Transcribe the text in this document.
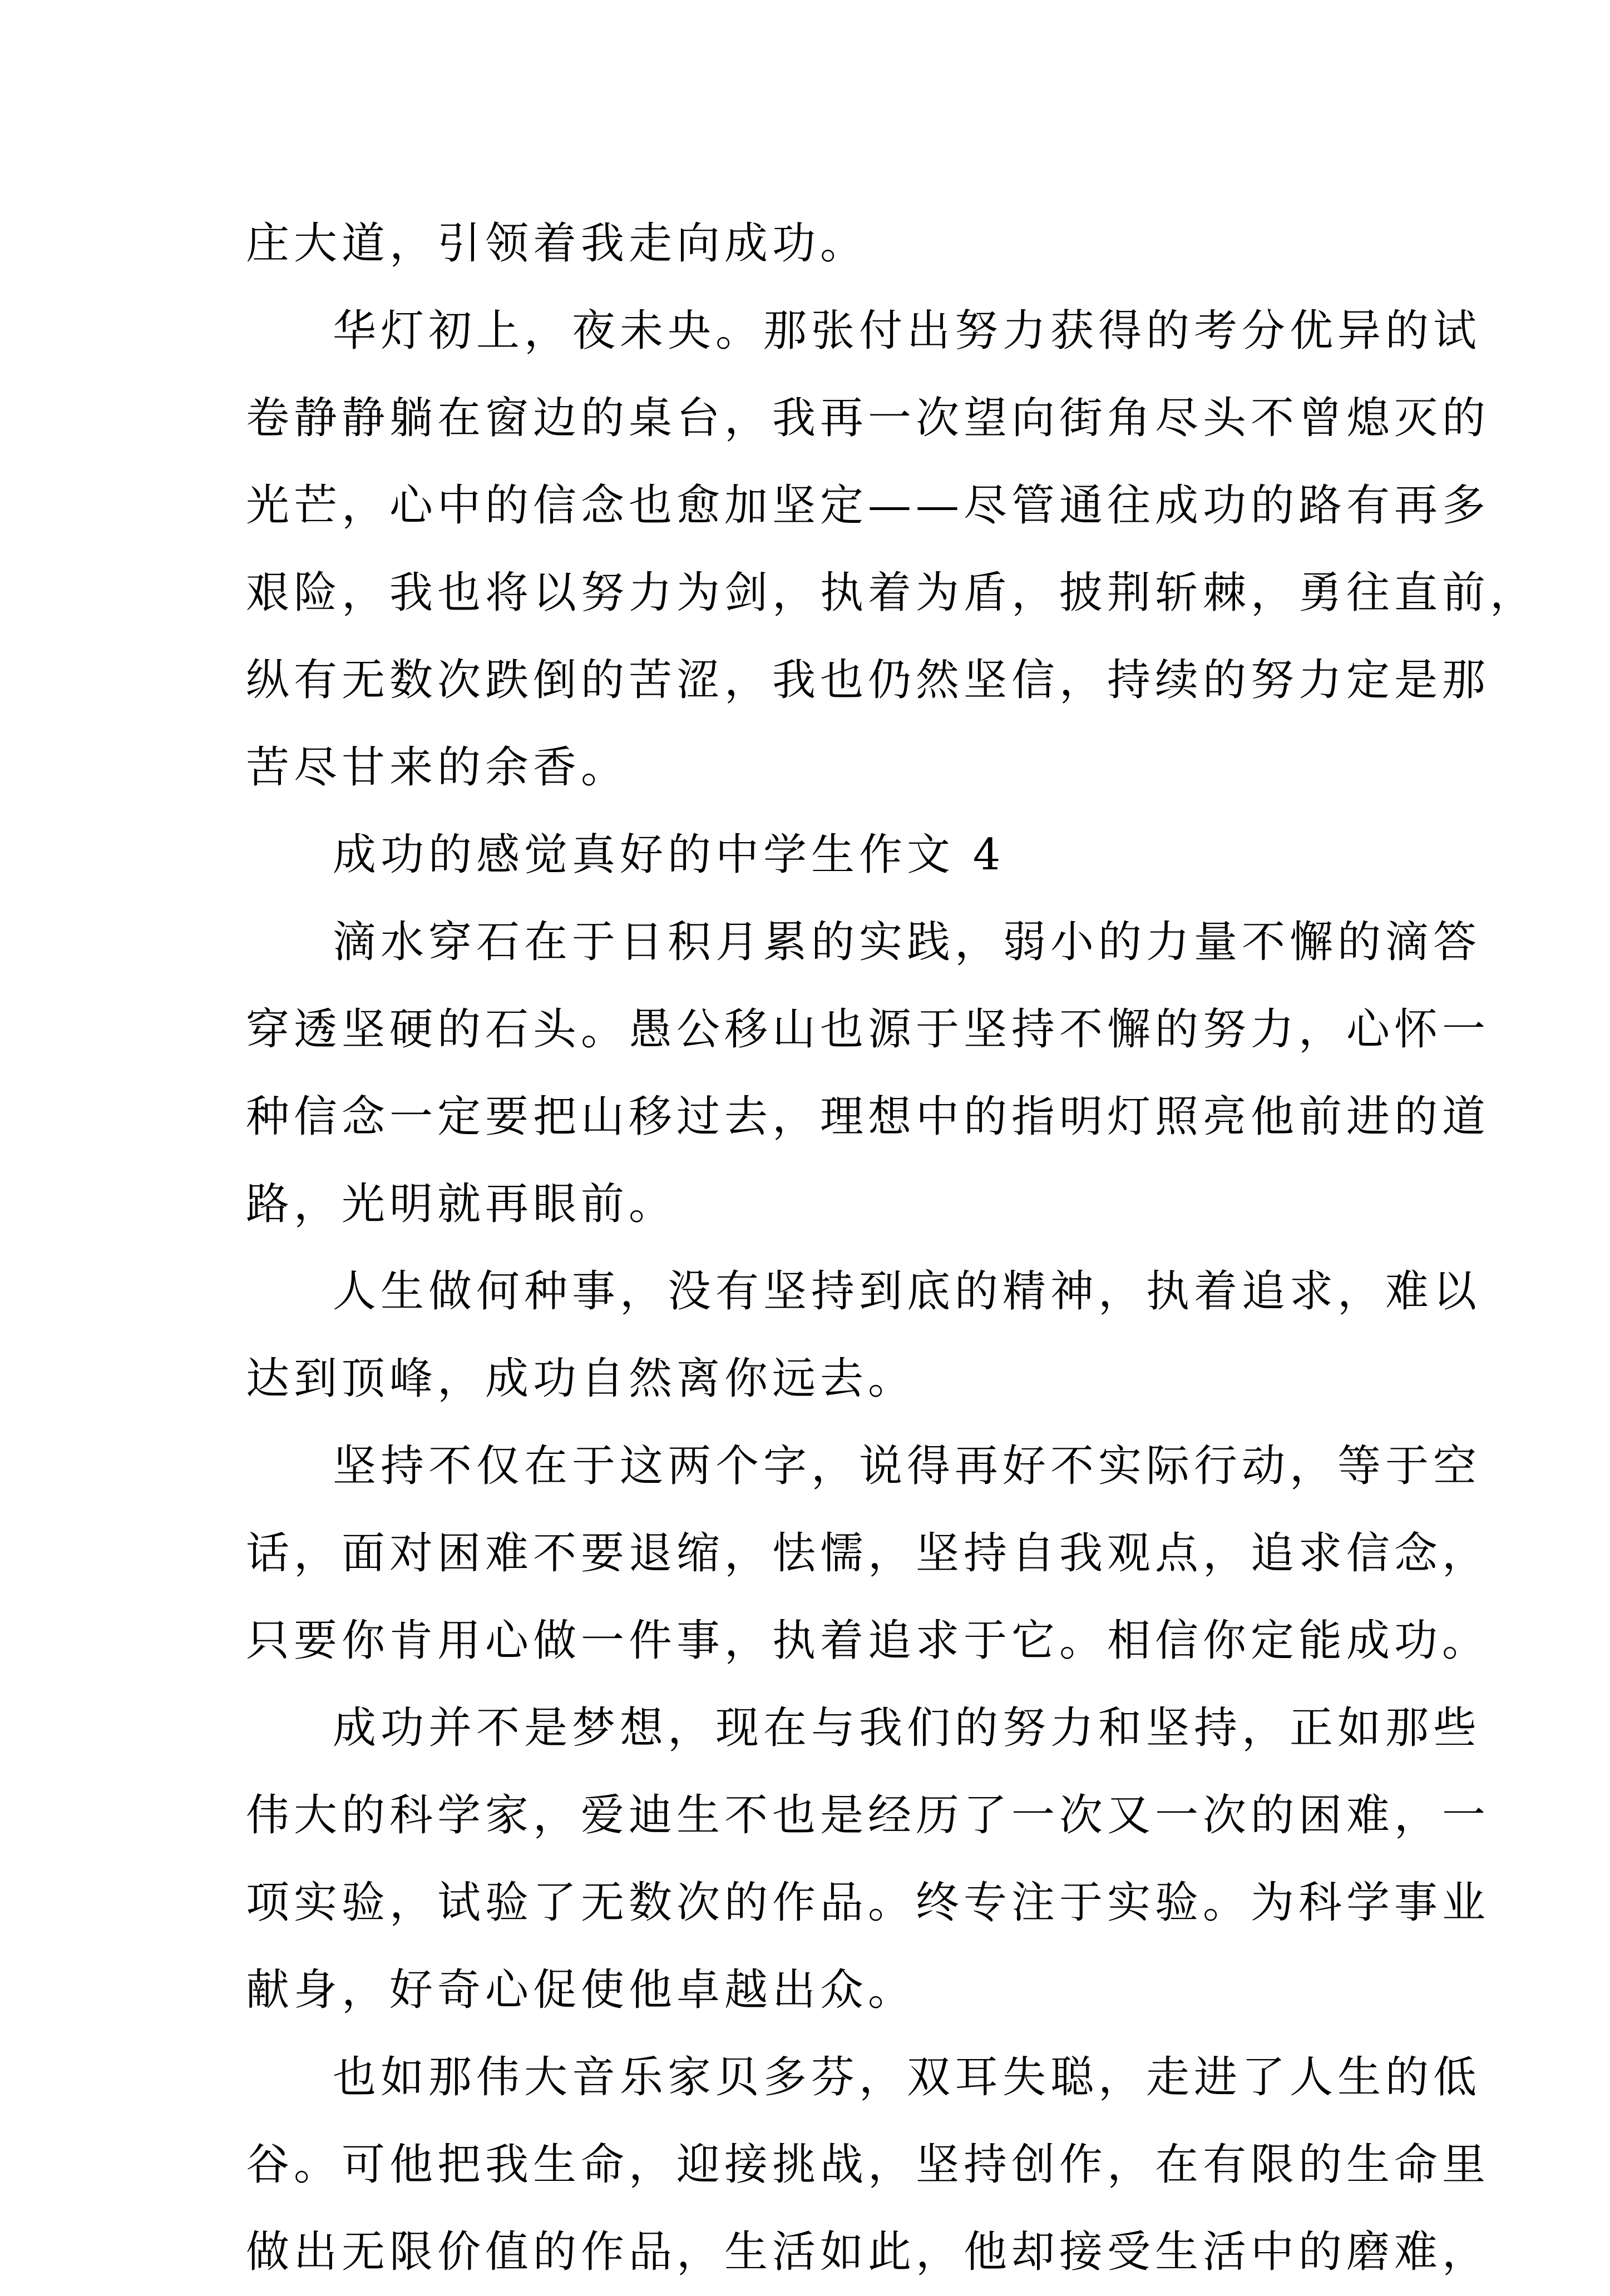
庄大道，引领着我走向成功。
华灯初上，夜未央。那张付出努力获得的考分优异的试
卷静静躺在窗边的桌台，我再一次望向街角尽头不曾熄灭的
光芒，心中的信念也愈加坚定——尽管通往成功的路有再多
艰险，我也将以努力为剑，执着为盾，披荆斩棘，勇往直前，
纵有无数次跌倒的苦涩，我也仍然坚信，持续的努力定是那
苦尽甘来的余香。
成功的感觉真好的中学生作文 4
滴水穿石在于日积月累的实践，弱小的力量不懈的滴答
穿透坚硬的石头。愚公移山也源于坚持不懈的努力，心怀一
种信念一定要把山移过去，理想中的指明灯照亮他前进的道
路，光明就再眼前。
人生做何种事，没有坚持到底的精神，执着追求，难以
达到顶峰，成功自然离你远去。
坚持不仅在于这两个字，说得再好不实际行动，等于空
话，面对困难不要退缩，怯懦，坚持自我观点，追求信念，
只要你肯用心做一件事，执着追求于它。相信你定能成功。
成功并不是梦想，现在与我们的努力和坚持，正如那些
伟大的科学家，爱迪生不也是经历了一次又一次的困难，一
项实验，试验了无数次的作品。终专注于实验。为科学事业
献身，好奇心促使他卓越出众。
也如那伟大音乐家贝多芬，双耳失聪，走进了人生的低
谷。可他把我生命，迎接挑战，坚持创作，在有限的生命里
做出无限价值的作品，生活如此，他却接受生活中的磨难，
